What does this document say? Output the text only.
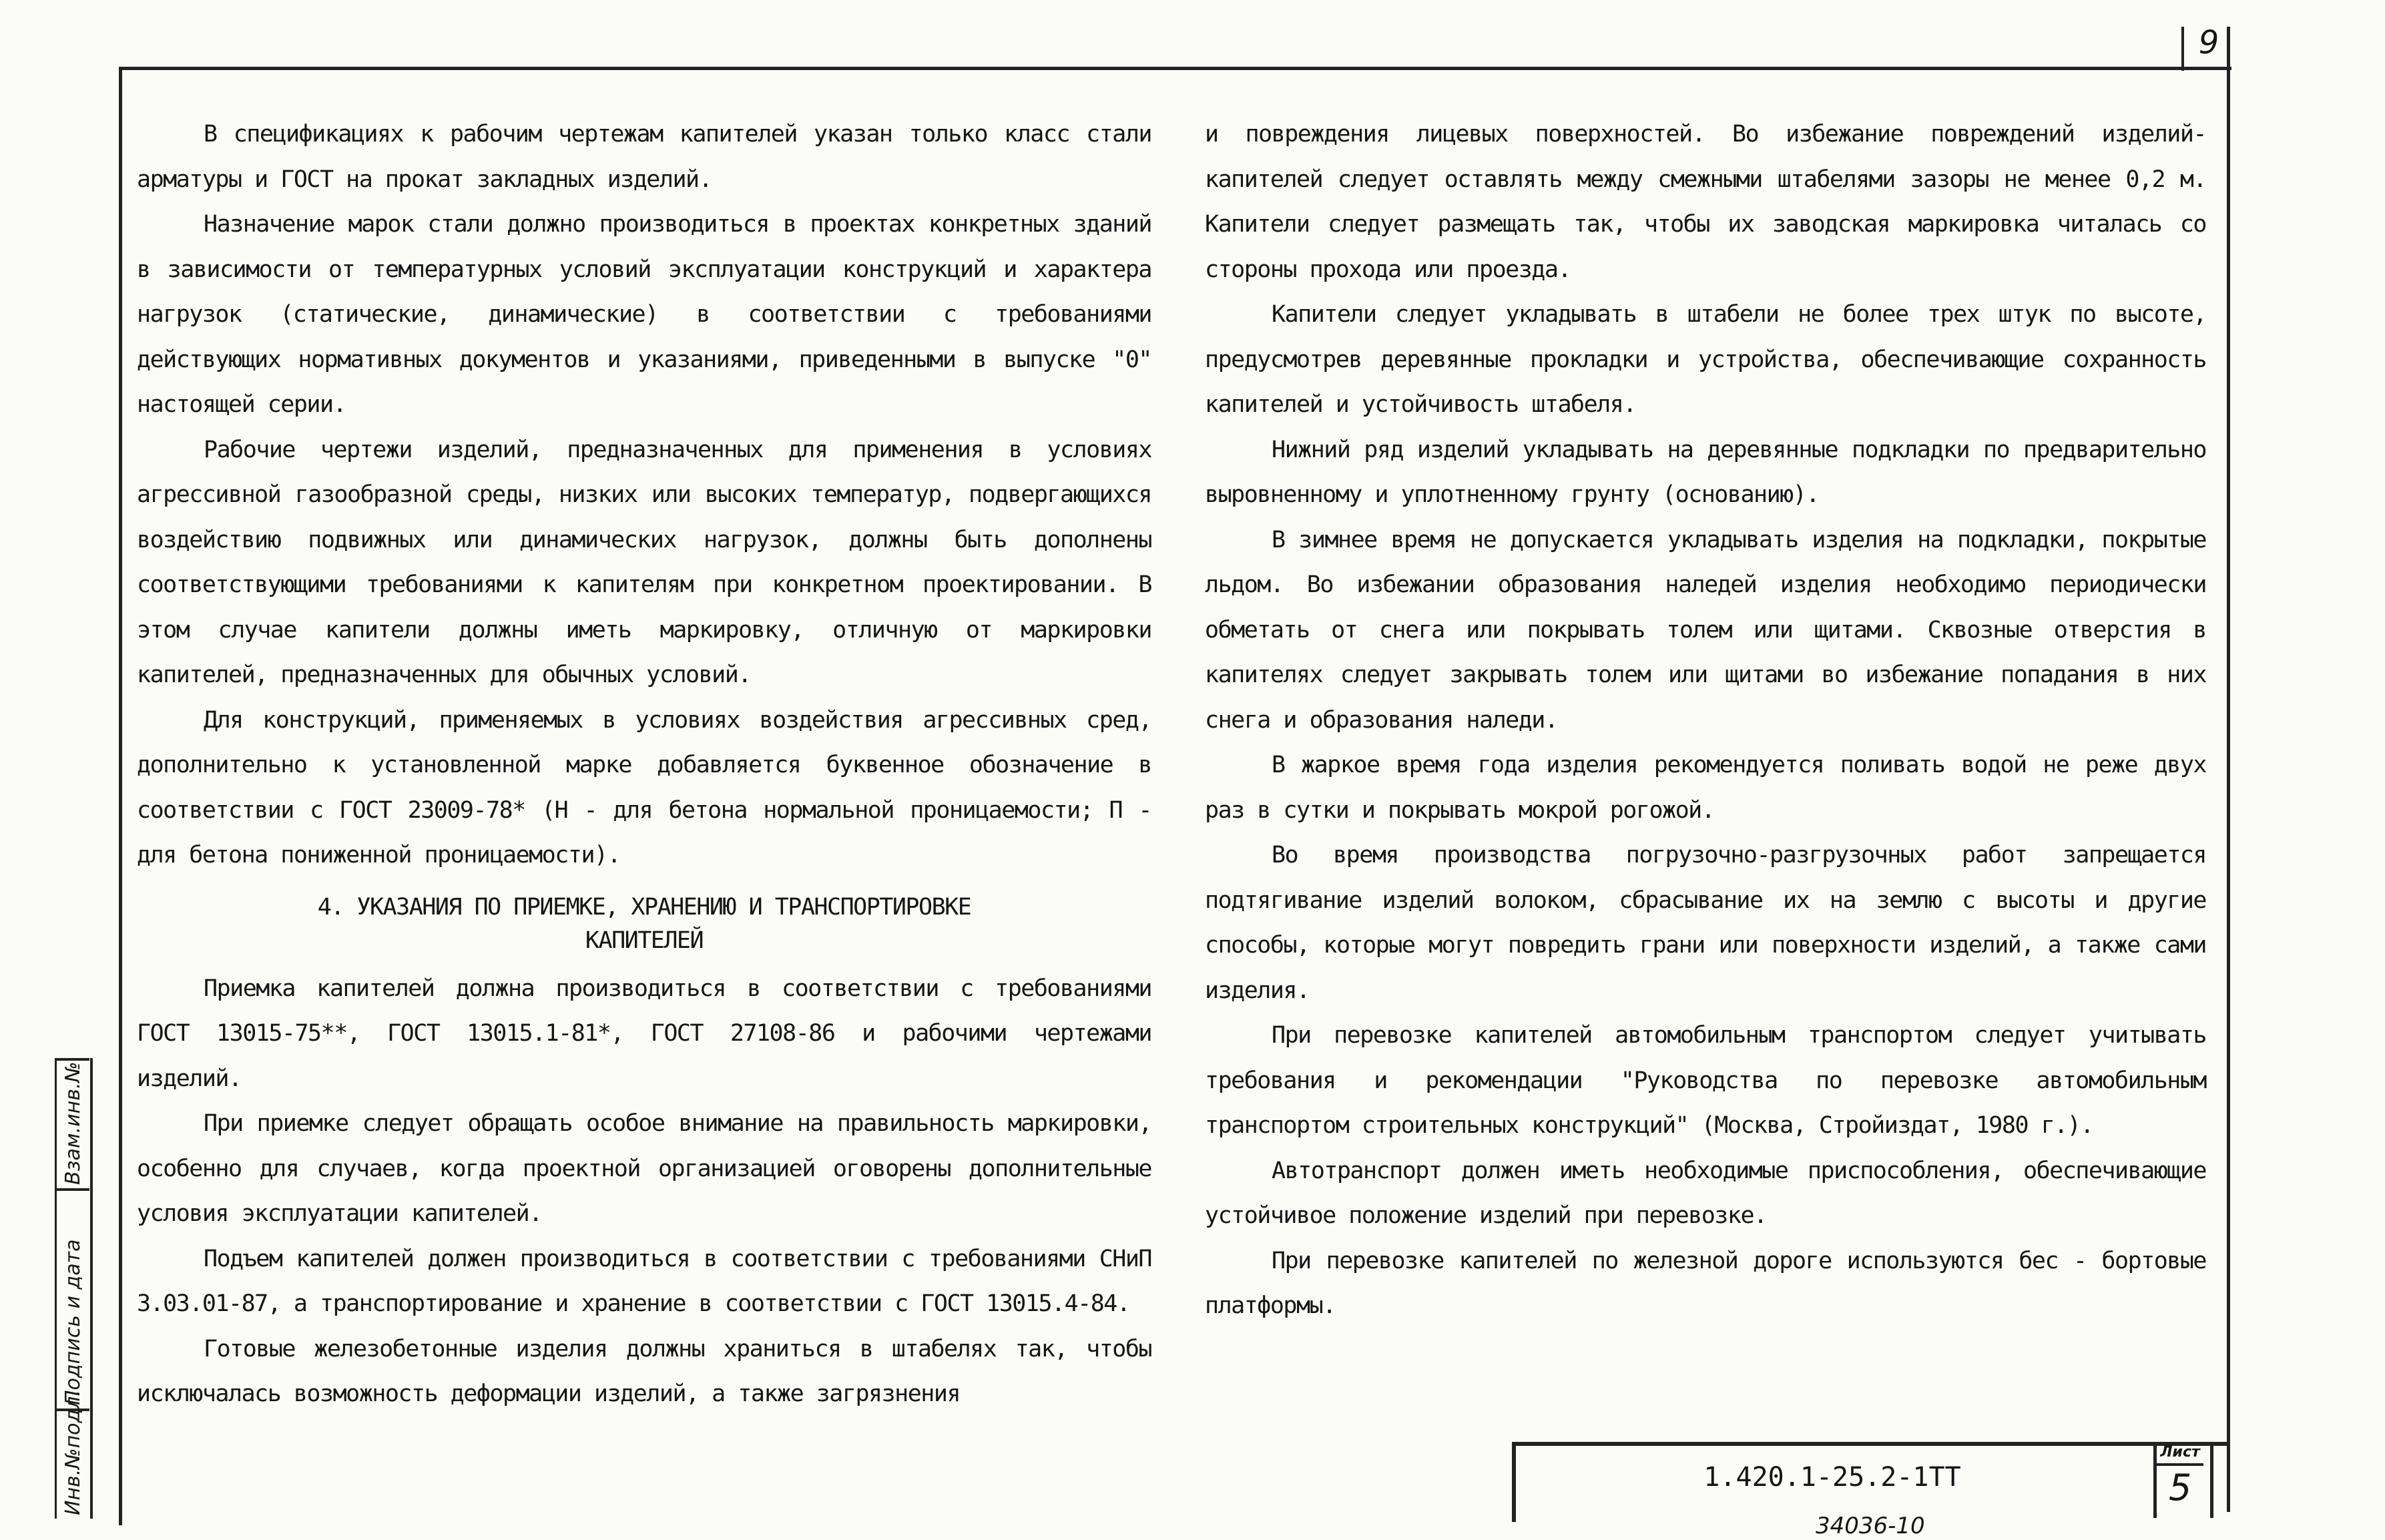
9

В спецификациях к рабочим чертежам капителей указан только класс стали арматуры и ГОСТ на прокат закладных изделий.

Назначение марок стали должно производиться в проектах конкретных зданий в зависимости от температурных условий эксплуатации конструкций и характера нагрузок (статические, динамические) в соответствии с требованиями действующих нормативных документов и указаниями, приведенными в выпуске "0" настоящей серии.

Рабочие чертежи изделий, предназначенных для применения в условиях агрессивной газообразной среды, низких или высоких температур, подвергающихся воздействию подвижных или динамических нагрузок, должны быть дополнены соответствующими требованиями к капителям при конкретном проектировании. В этом случае капители должны иметь маркировку, отличную от маркировки капителей, предназначенных для обычных условий.

Для конструкций, применяемых в условиях воздействия агрессивных сред, дополнительно к установленной марке добавляется буквенное обозначение в соответствии с ГОСТ 23009-78* (Н - для бетона нормальной проницаемости; П - для бетона пониженной проницаемости).

4. УКАЗАНИЯ ПО ПРИЕМКЕ, ХРАНЕНИЮ И ТРАНСПОРТИРОВКЕ
КАПИТЕЛЕЙ

Приемка капителей должна производиться в соответствии с требованиями ГОСТ 13015-75**, ГОСТ 13015.1-81*, ГОСТ 27108-86 и рабочими чертежами изделий.

При приемке следует обращать особое внимание на правильность маркировки, особенно для случаев, когда проектной организацией оговорены дополнительные условия эксплуатации капителей.

Подъем капителей должен производиться в соответствии с требованиями СНиП 3.03.01-87, а транспортирование и хранение в соответствии с ГОСТ 13015.4-84.

Готовые железобетонные изделия должны храниться в штабелях так, чтобы исключалась возможность деформации изделий, а также загрязнения

и повреждения лицевых поверхностей. Во избежание повреждений изделий-капителей следует оставлять между смежными штабелями зазоры не менее 0,2 м. Капители следует размещать так, чтобы их заводская маркировка читалась со стороны прохода или проезда.

Капители следует укладывать в штабели не более трех штук по высоте, предусмотрев деревянные прокладки и устройства, обеспечивающие сохранность капителей и устойчивость штабеля.

Нижний ряд изделий укладывать на деревянные подкладки по предварительно выровненному и уплотненному грунту (основанию).

В зимнее время не допускается укладывать изделия на подкладки, покрытые льдом. Во избежании образования наледей изделия необходимо периодически обметать от снега или покрывать толем или щитами. Сквозные отверстия в капителях следует закрывать толем или щитами во избежание попадания в них снега и образования наледи.

В жаркое время года изделия рекомендуется поливать водой не реже двух раз в сутки и покрывать мокрой рогожой.

Во время производства погрузочно-разгрузочных работ запрещается подтягивание изделий волоком, сбрасывание их на землю с высоты и другие способы, которые могут повредить грани или поверхности изделий, а также сами изделия.

При перевозке капителей автомобильным транспортом следует учитывать требования и рекомендации "Руководства по перевозке автомобильным транспортом строительных конструкций" (Москва, Стройиздат, 1980 г.).

Автотранспорт должен иметь необходимые приспособления, обеспечивающие устойчивое положение изделий при перевозке.

При перевозке капителей по железной дороге используются бес - бортовые платформы.

1.420.1-25.2-1ТТ
Лист
5
34036-10
Взам.инв.№
Подпись и дата
Инв.№подл.
